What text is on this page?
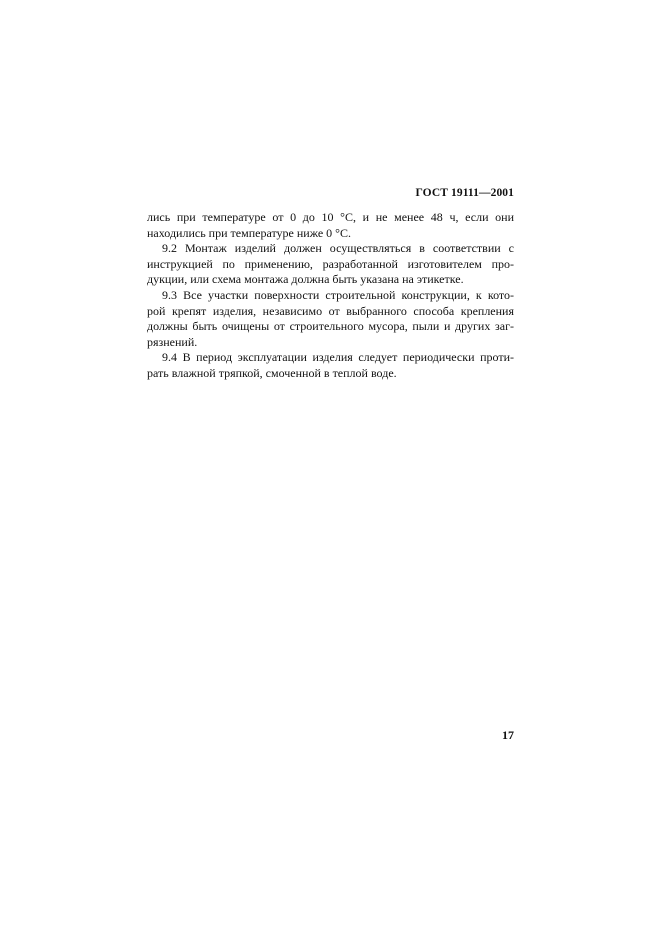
ГОСТ 19111—2001
лись при температуре от 0 до 10 °С, и не менее 48 ч, если они
находились при температуре ниже 0 °С.
9.2 Монтаж изделий должен осуществляться в соответствии с
инструкцией по применению, разработанной изготовителем про-
дукции, или схема монтажа должна быть указана на этикетке.
9.3 Все участки поверхности строительной конструкции, к кото-
рой крепят изделия, независимо от выбранного способа крепления
должны быть очищены от строительного мусора, пыли и других заг-
рязнений.
9.4 В период эксплуатации изделия следует периодически проти-
рать влажной тряпкой, смоченной в теплой воде.
17
